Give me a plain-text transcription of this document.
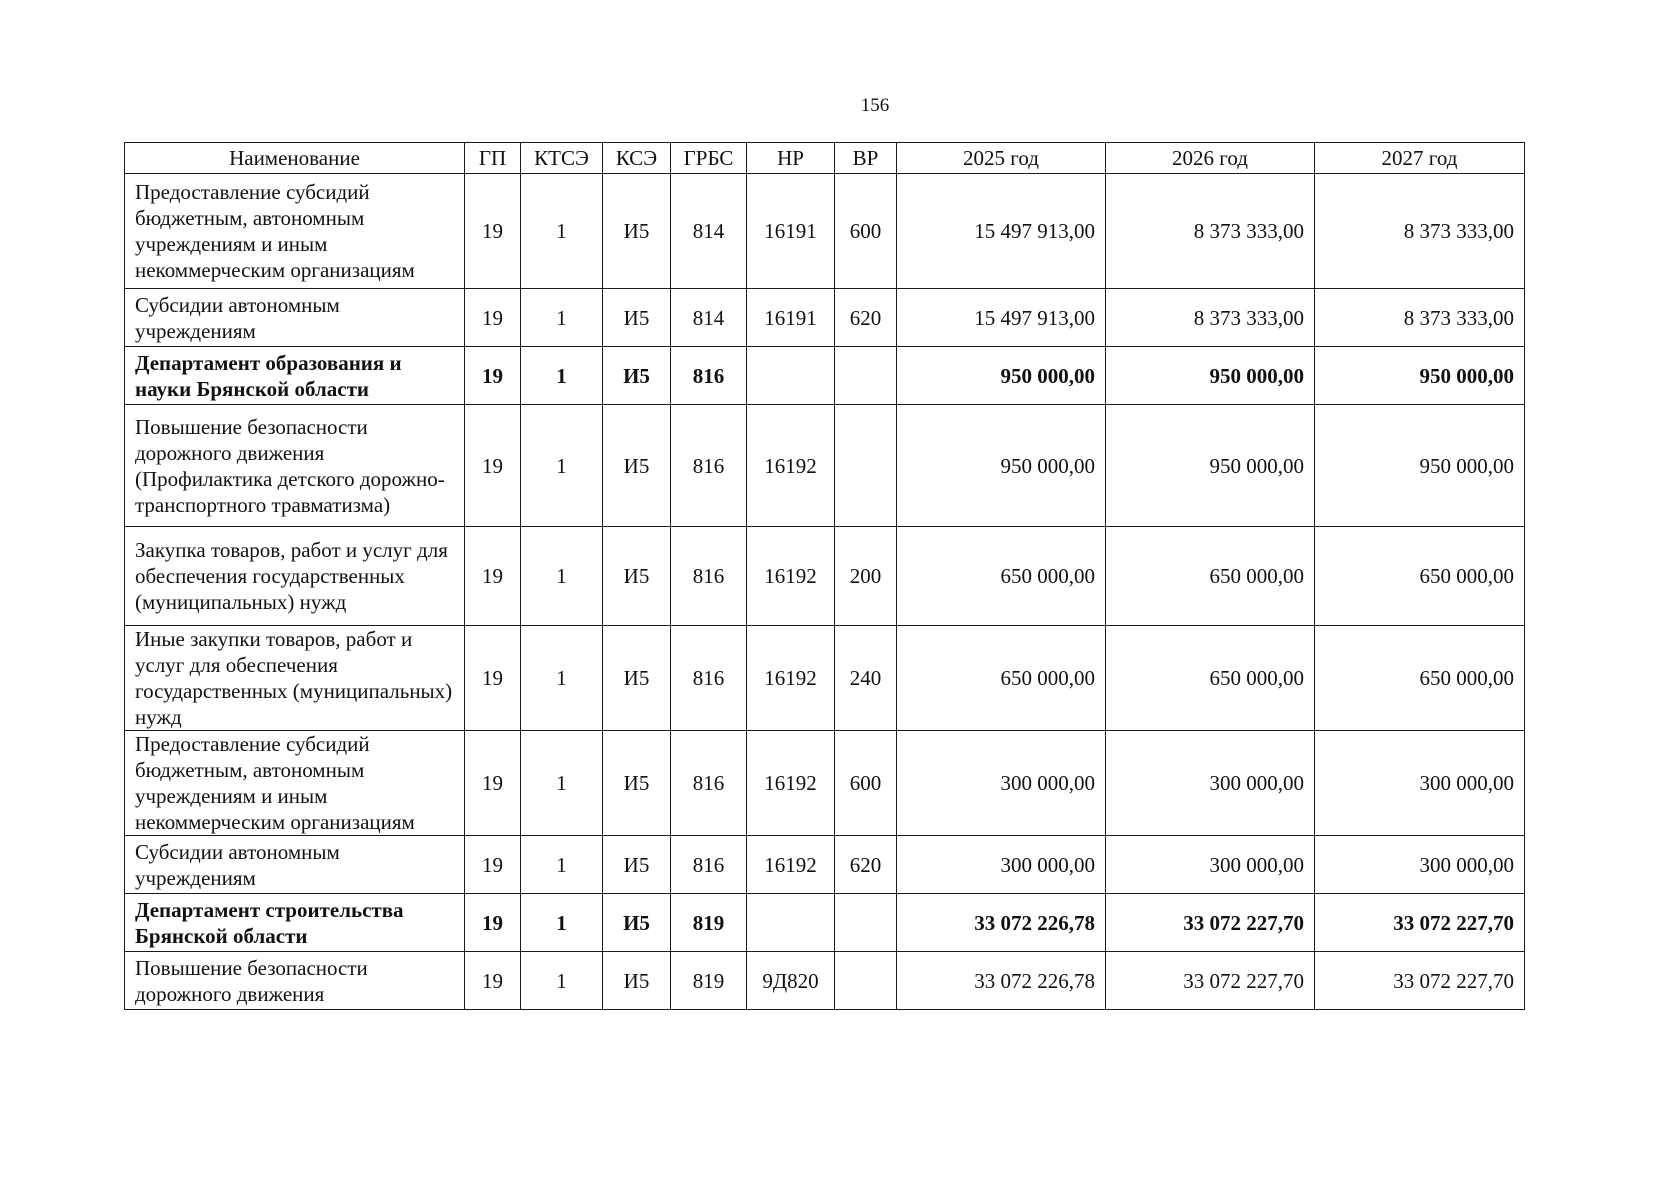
156
Наименование	ГП	КТСЭ	КСЭ	ГРБС	НР	ВР	2025 год	2026 год	2027 год
Предоставление субсидий бюджетным, автономным учреждениям и иным некоммерческим организациям	19	1	И5	814	16191	600	15 497 913,00	8 373 333,00	8 373 333,00
Субсидии автономным учреждениям	19	1	И5	814	16191	620	15 497 913,00	8 373 333,00	8 373 333,00
Департамент образования и науки Брянской области	19	1	И5	816			950 000,00	950 000,00	950 000,00
Повышение безопасности дорожного движения (Профилактика детского дорожно-транспортного травматизма)	19	1	И5	816	16192		950 000,00	950 000,00	950 000,00
Закупка товаров, работ и услуг для обеспечения государственных (муниципальных) нужд	19	1	И5	816	16192	200	650 000,00	650 000,00	650 000,00
Иные закупки товаров, работ и услуг для обеспечения государственных (муниципальных) нужд	19	1	И5	816	16192	240	650 000,00	650 000,00	650 000,00
Предоставление субсидий бюджетным, автономным учреждениям и иным некоммерческим организациям	19	1	И5	816	16192	600	300 000,00	300 000,00	300 000,00
Субсидии автономным учреждениям	19	1	И5	816	16192	620	300 000,00	300 000,00	300 000,00
Департамент строительства Брянской области	19	1	И5	819			33 072 226,78	33 072 227,70	33 072 227,70
Повышение безопасности дорожного движения	19	1	И5	819	9Д820		33 072 226,78	33 072 227,70	33 072 227,70
